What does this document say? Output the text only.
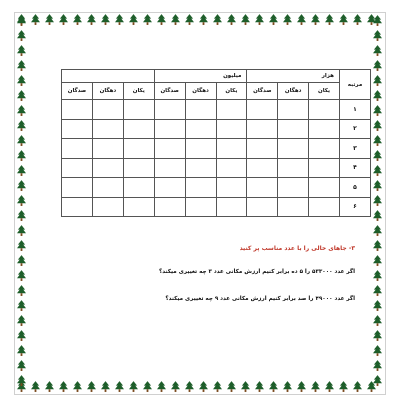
مرتبه	هزار			میلیون					
	یکان	دهگان	صدگان	یکان	دهگان	صدگان	یکان	دهگان	صدگان
۱									
۲									
۳									
۴									
۵									
۶									
۳- جاهای خالی را با عدد مناسب پر کنید
اگر عدد ۵۳۳۰۰۰ را ۵ ده برابر کنیم ارزش مکانی عدد ۳ چه تغییری میکند؟
اگر عدد ۴۹۰۰۰ را صد برابر کنیم ارزش مکانی عدد ۹ چه تغییری میکند؟
